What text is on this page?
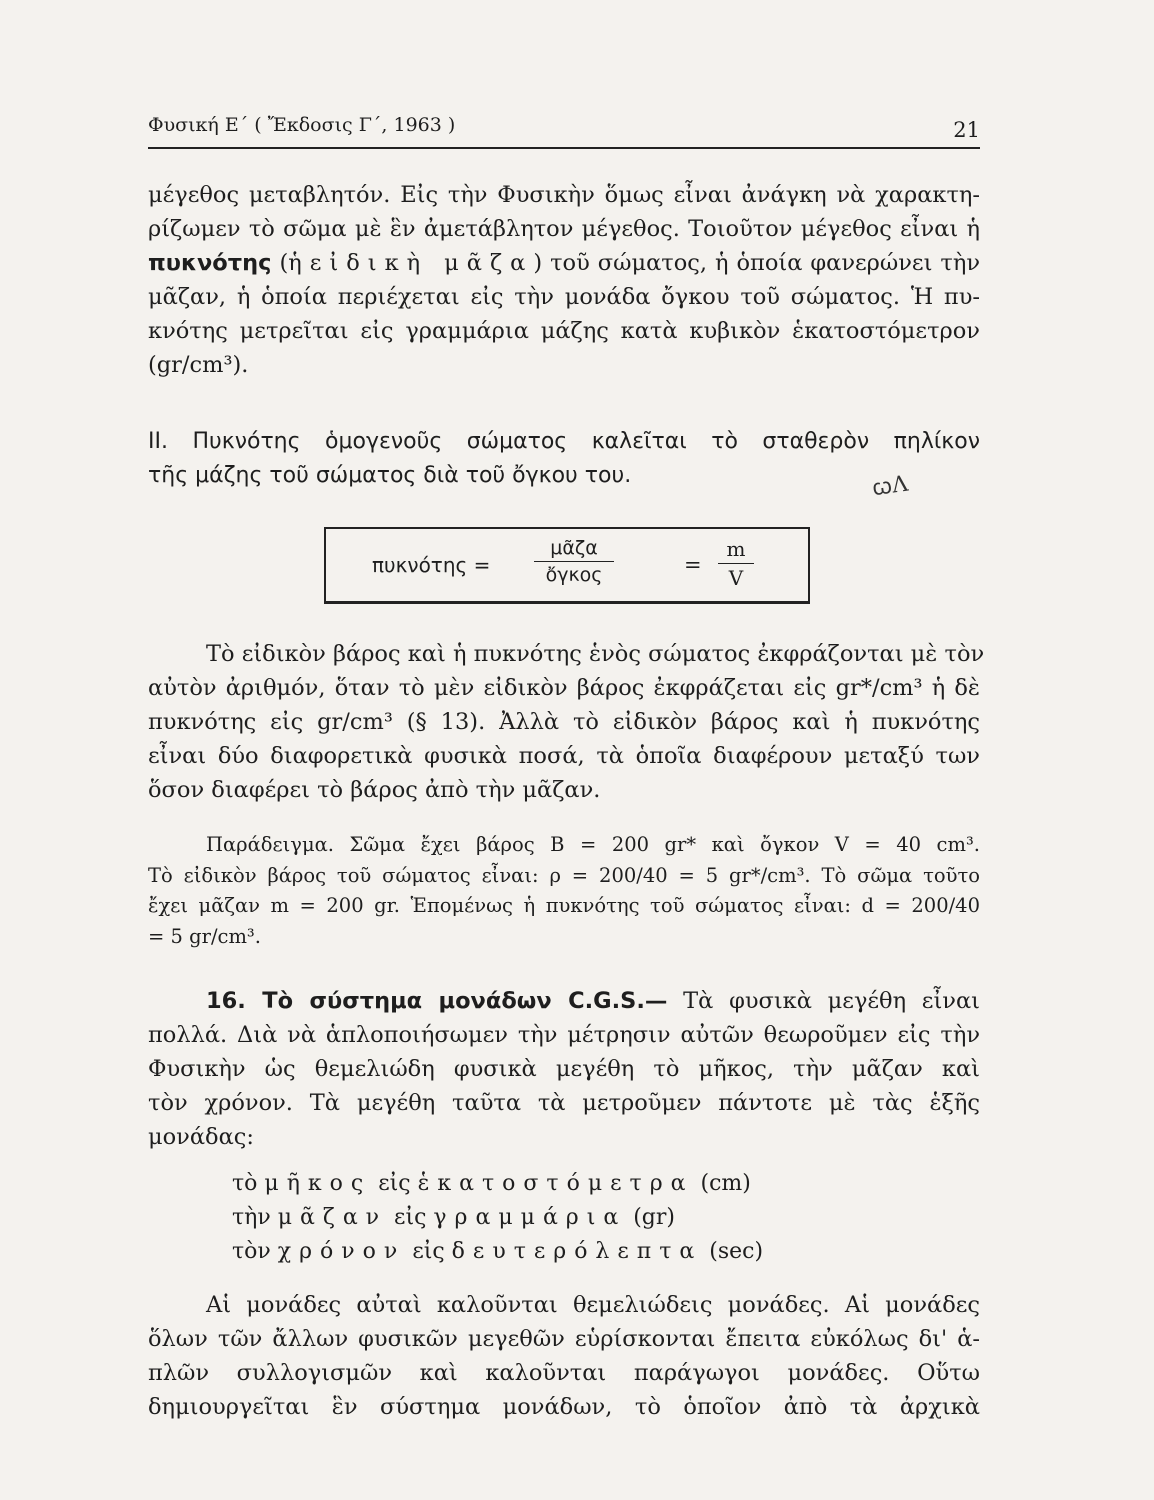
Φυσική Ε΄ ( Ἔκδοσις Γ΄, 1963 )	21
μέγεθος μεταβλητόν. Εἰς τὴν Φυσικὴν ὅμως εἶναι ἀνάγκη νὰ χαρακτη-
ρίζωμεν τὸ σῶμα μὲ ἓν ἀμετάβλητον μέγεθος. Τοιοῦτον μέγεθος εἶναι ἡ
πυκνότης (ἡ εἰδικὴ μᾶζα) τοῦ σώματος, ἡ ὁποία φανερώνει τὴν
μᾶζαν, ἡ ὁποία περιέχεται εἰς τὴν μονάδα ὄγκου τοῦ σώματος. Ἡ πυ-
κνότης μετρεῖται εἰς γραμμάρια μάζης κατὰ κυβικὸν ἑκατοστόμετρον
(gr/cm³).
II. Πυκνότης ὁμογενοῦς σώματος καλεῖται τὸ σταθερὸν πηλίκον
τῆς μάζης τοῦ σώματος διὰ τοῦ ὄγκου του.	ꞷΛ
πυκνότης =
μᾶζα
ὄγκος	=
m
V
Τὸ εἰδικὸν βάρος καὶ ἡ πυκνότης ἑνὸς σώματος ἐκφράζονται μὲ τὸν
αὐτὸν ἀριθμόν, ὅταν τὸ μὲν εἰδικὸν βάρος ἐκφράζεται εἰς gr*/cm³ ἡ δὲ
πυκνότης εἰς gr/cm³ (§ 13). Ἀλλὰ τὸ εἰδικὸν βάρος καὶ ἡ πυκνότης
εἶναι δύο διαφορετικὰ φυσικὰ ποσά, τὰ ὁποῖα διαφέρουν μεταξύ των
ὅσον διαφέρει τὸ βάρος ἀπὸ τὴν μᾶζαν.
Παράδειγμα. Σῶμα ἔχει βάρος B = 200 gr* καὶ ὄγκον V = 40 cm³.
Τὸ εἰδικὸν βάρος τοῦ σώματος εἶναι: ρ = 200/40 = 5 gr*/cm³. Τὸ σῶμα τοῦτο
ἔχει μᾶζαν m = 200 gr. Ἑπομένως ἡ πυκνότης τοῦ σώματος εἶναι: d = 200/40
= 5 gr/cm³.
16. Τὸ σύστημα μονάδων C.G.S.— Τὰ φυσικὰ μεγέθη εἶναι
πολλά. Διὰ νὰ ἁπλοποιήσωμεν τὴν μέτρησιν αὐτῶν θεωροῦμεν εἰς τὴν
Φυσικὴν ὡς θεμελιώδη φυσικὰ μεγέθη τὸ μῆκος, τὴν μᾶζαν καὶ
τὸν χρόνον. Τὰ μεγέθη ταῦτα τὰ μετροῦμεν πάντοτε μὲ τὰς ἑξῆς
μονάδας:
τὸ μῆκος εἰς ἑκατοστόμετρα (cm)
τὴν μᾶζαν εἰς γραμμάρια (gr)
τὸν χρόνον εἰς δευτερόλεπτα (sec)
Αἱ μονάδες αὐταὶ καλοῦνται θεμελιώδεις μονάδες. Αἱ μονάδες
ὅλων τῶν ἄλλων φυσικῶν μεγεθῶν εὑρίσκονται ἔπειτα εὐκόλως δι' ἁ-
πλῶν συλλογισμῶν καὶ καλοῦνται παράγωγοι μονάδες. Οὕτω
δημιουργεῖται ἓν σύστημα μονάδων, τὸ ὁποῖον ἀπὸ τὰ ἀρχικὰ
